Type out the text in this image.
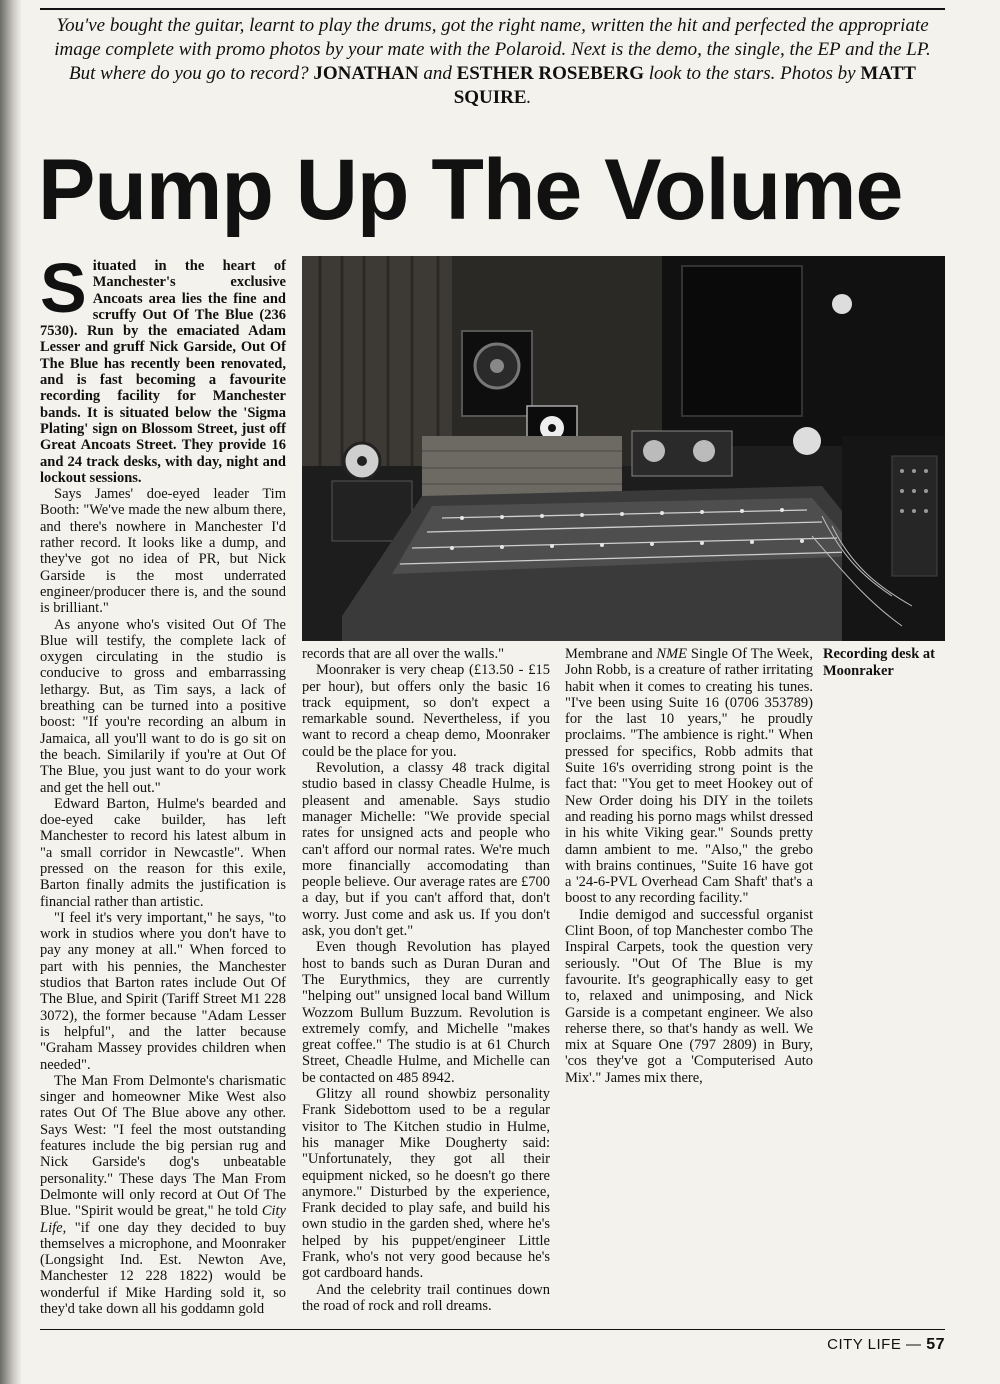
You've bought the guitar, learnt to play the drums, got the right name, written the hit and perfected the appropriate image complete with promo photos by your mate with the Polaroid. Next is the demo, the single, the EP and the LP. But where do you go to record? JONATHAN and ESTHER ROSEBERG look to the stars. Photos by MATT SQUIRE.
Pump Up The Volume

Situated in the heart of Manchester's exclusive Ancoats area lies the fine and scruffy Out Of The Blue (236 7530). Run by the emaciated Adam Lesser and gruff Nick Garside, Out Of The Blue has recently been renovated, and is fast becoming a favourite recording facility for Manchester bands. It is situated below the 'Sigma Plating' sign on Blossom Street, just off Great Ancoats Street. They provide 16 and 24 track desks, with day, night and lockout sessions.

Says James' doe-eyed leader Tim Booth: "We've made the new album there, and there's nowhere in Manchester I'd rather record. It looks like a dump, and they've got no idea of PR, but Nick Garside is the most underrated engineer/producer there is, and the sound is brilliant."

As anyone who's visited Out Of The Blue will testify, the complete lack of oxygen circulating in the studio is conducive to gross and embarrassing lethargy. But, as Tim says, a lack of breathing can be turned into a positive boost: "If you're recording an album in Jamaica, all you'll want to do is go sit on the beach. Similarily if you're at Out Of The Blue, you just want to do your work and get the hell out."

Edward Barton, Hulme's bearded and doe-eyed cake builder, has left Manchester to record his latest album in "a small corridor in Newcastle". When pressed on the reason for this exile, Barton finally admits the justification is financial rather than artistic.

"I feel it's very important," he says, "to work in studios where you don't have to pay any money at all." When forced to part with his pennies, the Manchester studios that Barton rates include Out Of The Blue, and Spirit (Tariff Street M1 228 3072), the former because "Adam Lesser is helpful", and the latter because "Graham Massey provides children when needed".

The Man From Delmonte's charismatic singer and homeowner Mike West also rates Out Of The Blue above any other. Says West: "I feel the most outstanding features include the big persian rug and Nick Garside's dog's unbeatable personality." These days The Man From Delmonte will only record at Out Of The Blue. "Spirit would be great," he told City Life, "if one day they decided to buy themselves a microphone, and Moonraker (Longsight Ind. Est. Newton Ave, Manchester 12 228 1822) would be wonderful if Mike Harding sold it, so they'd take down all his goddamn gold

records that are all over the walls."

Moonraker is very cheap (£13.50 - £15 per hour), but offers only the basic 16 track equipment, so don't expect a remarkable sound. Nevertheless, if you want to record a cheap demo, Moonraker could be the place for you.

Revolution, a classy 48 track digital studio based in classy Cheadle Hulme, is pleasent and amenable. Says studio manager Michelle: "We provide special rates for unsigned acts and people who can't afford our normal rates. We're much more financially accomodating than people believe. Our average rates are £700 a day, but if you can't afford that, don't worry. Just come and ask us. If you don't ask, you don't get."

Even though Revolution has played host to bands such as Duran Duran and The Eurythmics, they are currently "helping out" unsigned local band Willum Wozzom Bullum Buzzum. Revolution is extremely comfy, and Michelle "makes great coffee." The studio is at 61 Church Street, Cheadle Hulme, and Michelle can be contacted on 485 8942.

Glitzy all round showbiz personality Frank Sidebottom used to be a regular visitor to The Kitchen studio in Hulme, his manager Mike Dougherty said: "Unfortunately, they got all their equipment nicked, so he doesn't go there anymore." Disturbed by the experience, Frank decided to play safe, and build his own studio in the garden shed, where he's helped by his puppet/engineer Little Frank, who's not very good because he's got cardboard hands.

And the celebrity trail continues down the road of rock and roll dreams.

Membrane and NME Single Of The Week, John Robb, is a creature of rather irritating habit when it comes to creating his tunes. "I've been using Suite 16 (0706 353789) for the last 10 years," he proudly proclaims. "The ambience is right." When pressed for specifics, Robb admits that Suite 16's overriding strong point is the fact that: "You get to meet Hookey out of New Order doing his DIY in the toilets and reading his porno mags whilst dressed in his white Viking gear." Sounds pretty damn ambient to me. "Also," the grebo with brains continues, "Suite 16 have got a '24-6-PVL Overhead Cam Shaft' that's a boost to any recording facility."

Indie demigod and successful organist Clint Boon, of top Manchester combo The Inspiral Carpets, took the question very seriously. "Out Of The Blue is my favourite. It's geographically easy to get to, relaxed and unimposing, and Nick Garside is a competant engineer. We also reherse there, so that's handy as well. We mix at Square One (797 2809) in Bury, 'cos they've got a 'Computerised Auto Mix'." James mix there,

Recording desk at Moonraker
CITY LIFE — 57
